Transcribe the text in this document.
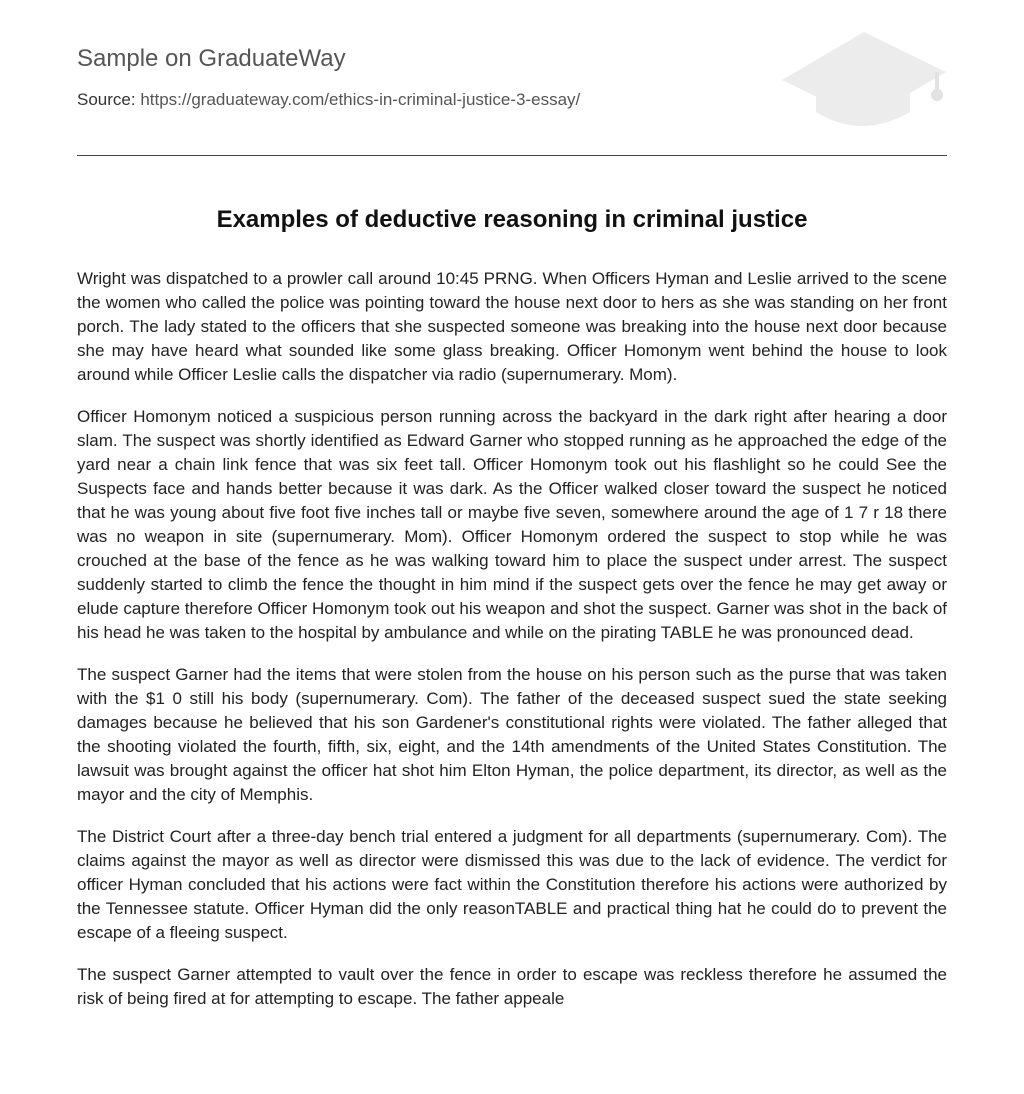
Sample on GraduateWay
Source: https://graduateway.com/ethics-in-criminal-justice-3-essay/
Examples of deductive reasoning in criminal justice

Wright was dispatched to a prowler call around 10:45 PRNG. When Officers Hyman and Leslie arrived to the scene the women who called the police was pointing toward the house next door to hers as she was standing on her front porch. The lady stated to the officers that she suspected someone was breaking into the house next door because she may have heard what sounded like some glass breaking. Officer Homonym went behind the house to look around while Officer Leslie calls the dispatcher via radio (supernumerary. Mom).

Officer Homonym noticed a suspicious person running across the backyard in the dark right after hearing a door slam. The suspect was shortly identified as Edward Garner who stopped running as he approached the edge of the yard near a chain link fence that was six feet tall. Officer Homonym took out his flashlight so he could See the Suspects face and hands better because it was dark. As the Officer walked closer toward the suspect he noticed that he was young about five foot five inches tall or maybe five seven, somewhere around the age of 1 7 r 18 there was no weapon in site (supernumerary. Mom). Officer Homonym ordered the suspect to stop while he was crouched at the base of the fence as he was walking toward him to place the suspect under arrest. The suspect suddenly started to climb the fence the thought in him mind if the suspect gets over the fence he may get away or elude capture therefore Officer Homonym took out his weapon and shot the suspect. Garner was shot in the back of his head he was taken to the hospital by ambulance and while on the pirating TABLE he was pronounced dead.

The suspect Garner had the items that were stolen from the house on his person such as the purse that was taken with the $1 0 still his body (supernumerary. Com). The father of the deceased suspect sued the state seeking damages because he believed that his son Gardener's constitutional rights were violated. The father alleged that the shooting violated the fourth, fifth, six, eight, and the 14th amendments of the United States Constitution. The lawsuit was brought against the officer hat shot him Elton Hyman, the police department, its director, as well as the mayor and the city of Memphis.

The District Court after a three-day bench trial entered a judgment for all departments (supernumerary. Com). The claims against the mayor as well as director were dismissed this was due to the lack of evidence. The verdict for officer Hyman concluded that his actions were fact within the Constitution therefore his actions were authorized by the Tennessee statute. Officer Hyman did the only reasonTABLE and practical thing hat he could do to prevent the escape of a fleeing suspect.

The suspect Garner attempted to vault over the fence in order to escape was reckless therefore he assumed the risk of being fired at for attempting to escape. The father appeale
